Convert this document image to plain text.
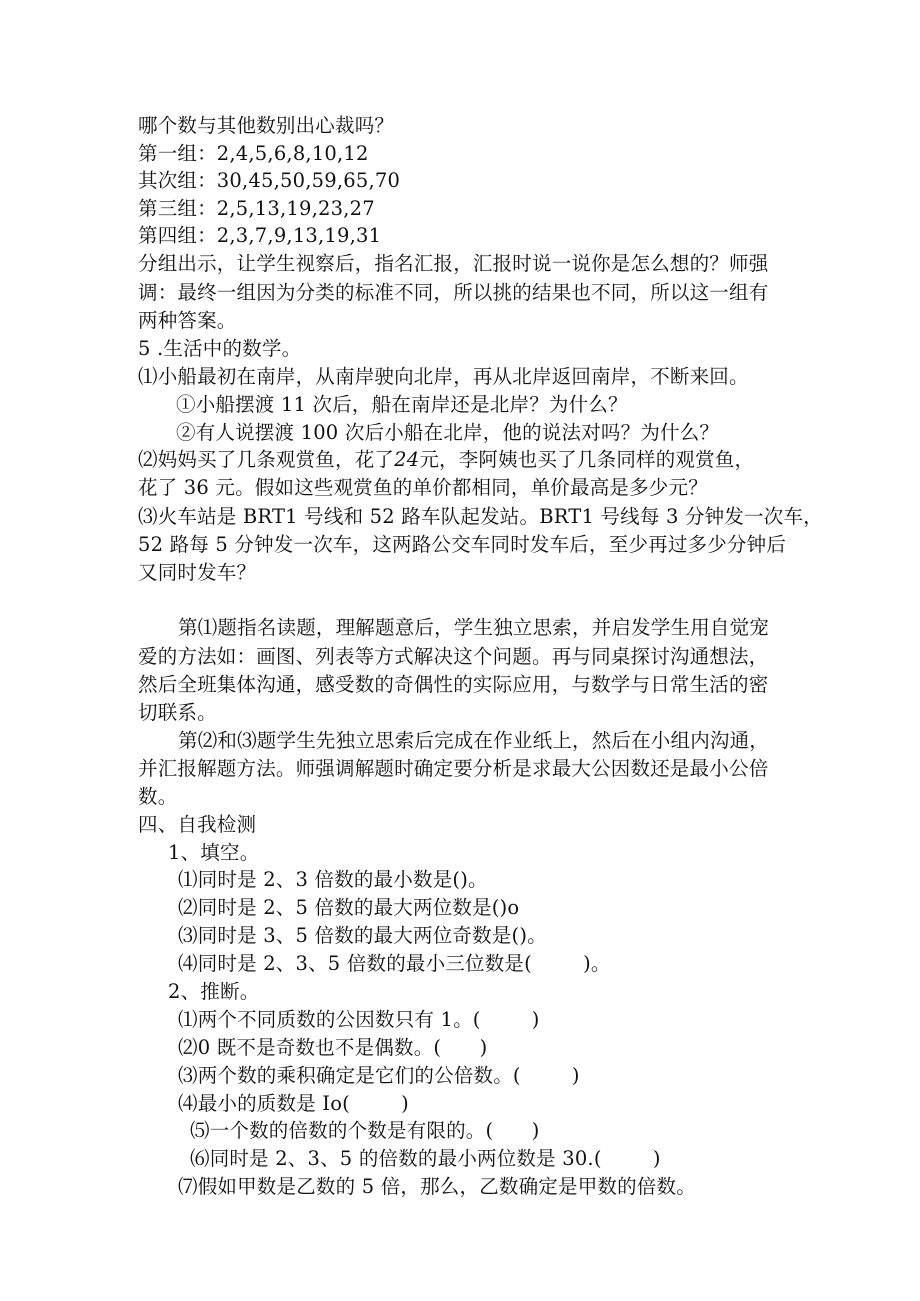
哪个数与其他数别出心裁吗？
第一组：2,4,5,6,8,10,12
其次组：30,45,50,59,65,70
第三组：2,5,13,19,23,27
第四组：2,3,7,9,13,19,31
分组出示，让学生视察后，指名汇报，汇报时说一说你是怎么想的？师强
调：最终一组因为分类的标准不同，所以挑的结果也不同，所以这一组有
两种答案。
5 .生活中的数学。
⑴小船最初在南岸，从南岸驶向北岸，再从北岸返回南岸，不断来回。
①小船摆渡 11 次后，船在南岸还是北岸？为什么？
②有人说摆渡 100 次后小船在北岸，他的说法对吗？为什么？
⑵妈妈买了几条观赏鱼，花了24元，李阿姨也买了几条同样的观赏鱼，
花了 36 元。假如这些观赏鱼的单价都相同，单价最高是多少元？
⑶火车站是 BRT1 号线和 52 路车队起发站。BRT1 号线每 3 分钟发一次车，
52 路每 5 分钟发一次车，这两路公交车同时发车后，至少再过多少分钟后
又同时发车？
第⑴题指名读题，理解题意后，学生独立思索，并启发学生用自觉宠
爱的方法如：画图、列表等方式解决这个问题。再与同桌探讨沟通想法，
然后全班集体沟通，感受数的奇偶性的实际应用，与数学与日常生活的密
切联系。
第⑵和⑶题学生先独立思索后完成在作业纸上，然后在小组内沟通，
并汇报解题方法。师强调解题时确定要分析是求最大公因数还是最小公倍
数。
四、自我检测
1、填空。
⑴同时是 2、3 倍数的最小数是()。
⑵同时是 2、5 倍数的最大两位数是()o
⑶同时是 3、5 倍数的最大两位奇数是()。
⑷同时是 2、3、5 倍数的最小三位数是(        )。
2、推断。
⑴两个不同质数的公因数只有 1。(        )
⑵0 既不是奇数也不是偶数。(      )
⑶两个数的乘积确定是它们的公倍数。(        )
⑷最小的质数是 Io(        )
⑸一个数的倍数的个数是有限的。(      )
⑹同时是 2、3、5 的倍数的最小两位数是 30.(        )
⑺假如甲数是乙数的 5 倍，那么，乙数确定是甲数的倍数。
